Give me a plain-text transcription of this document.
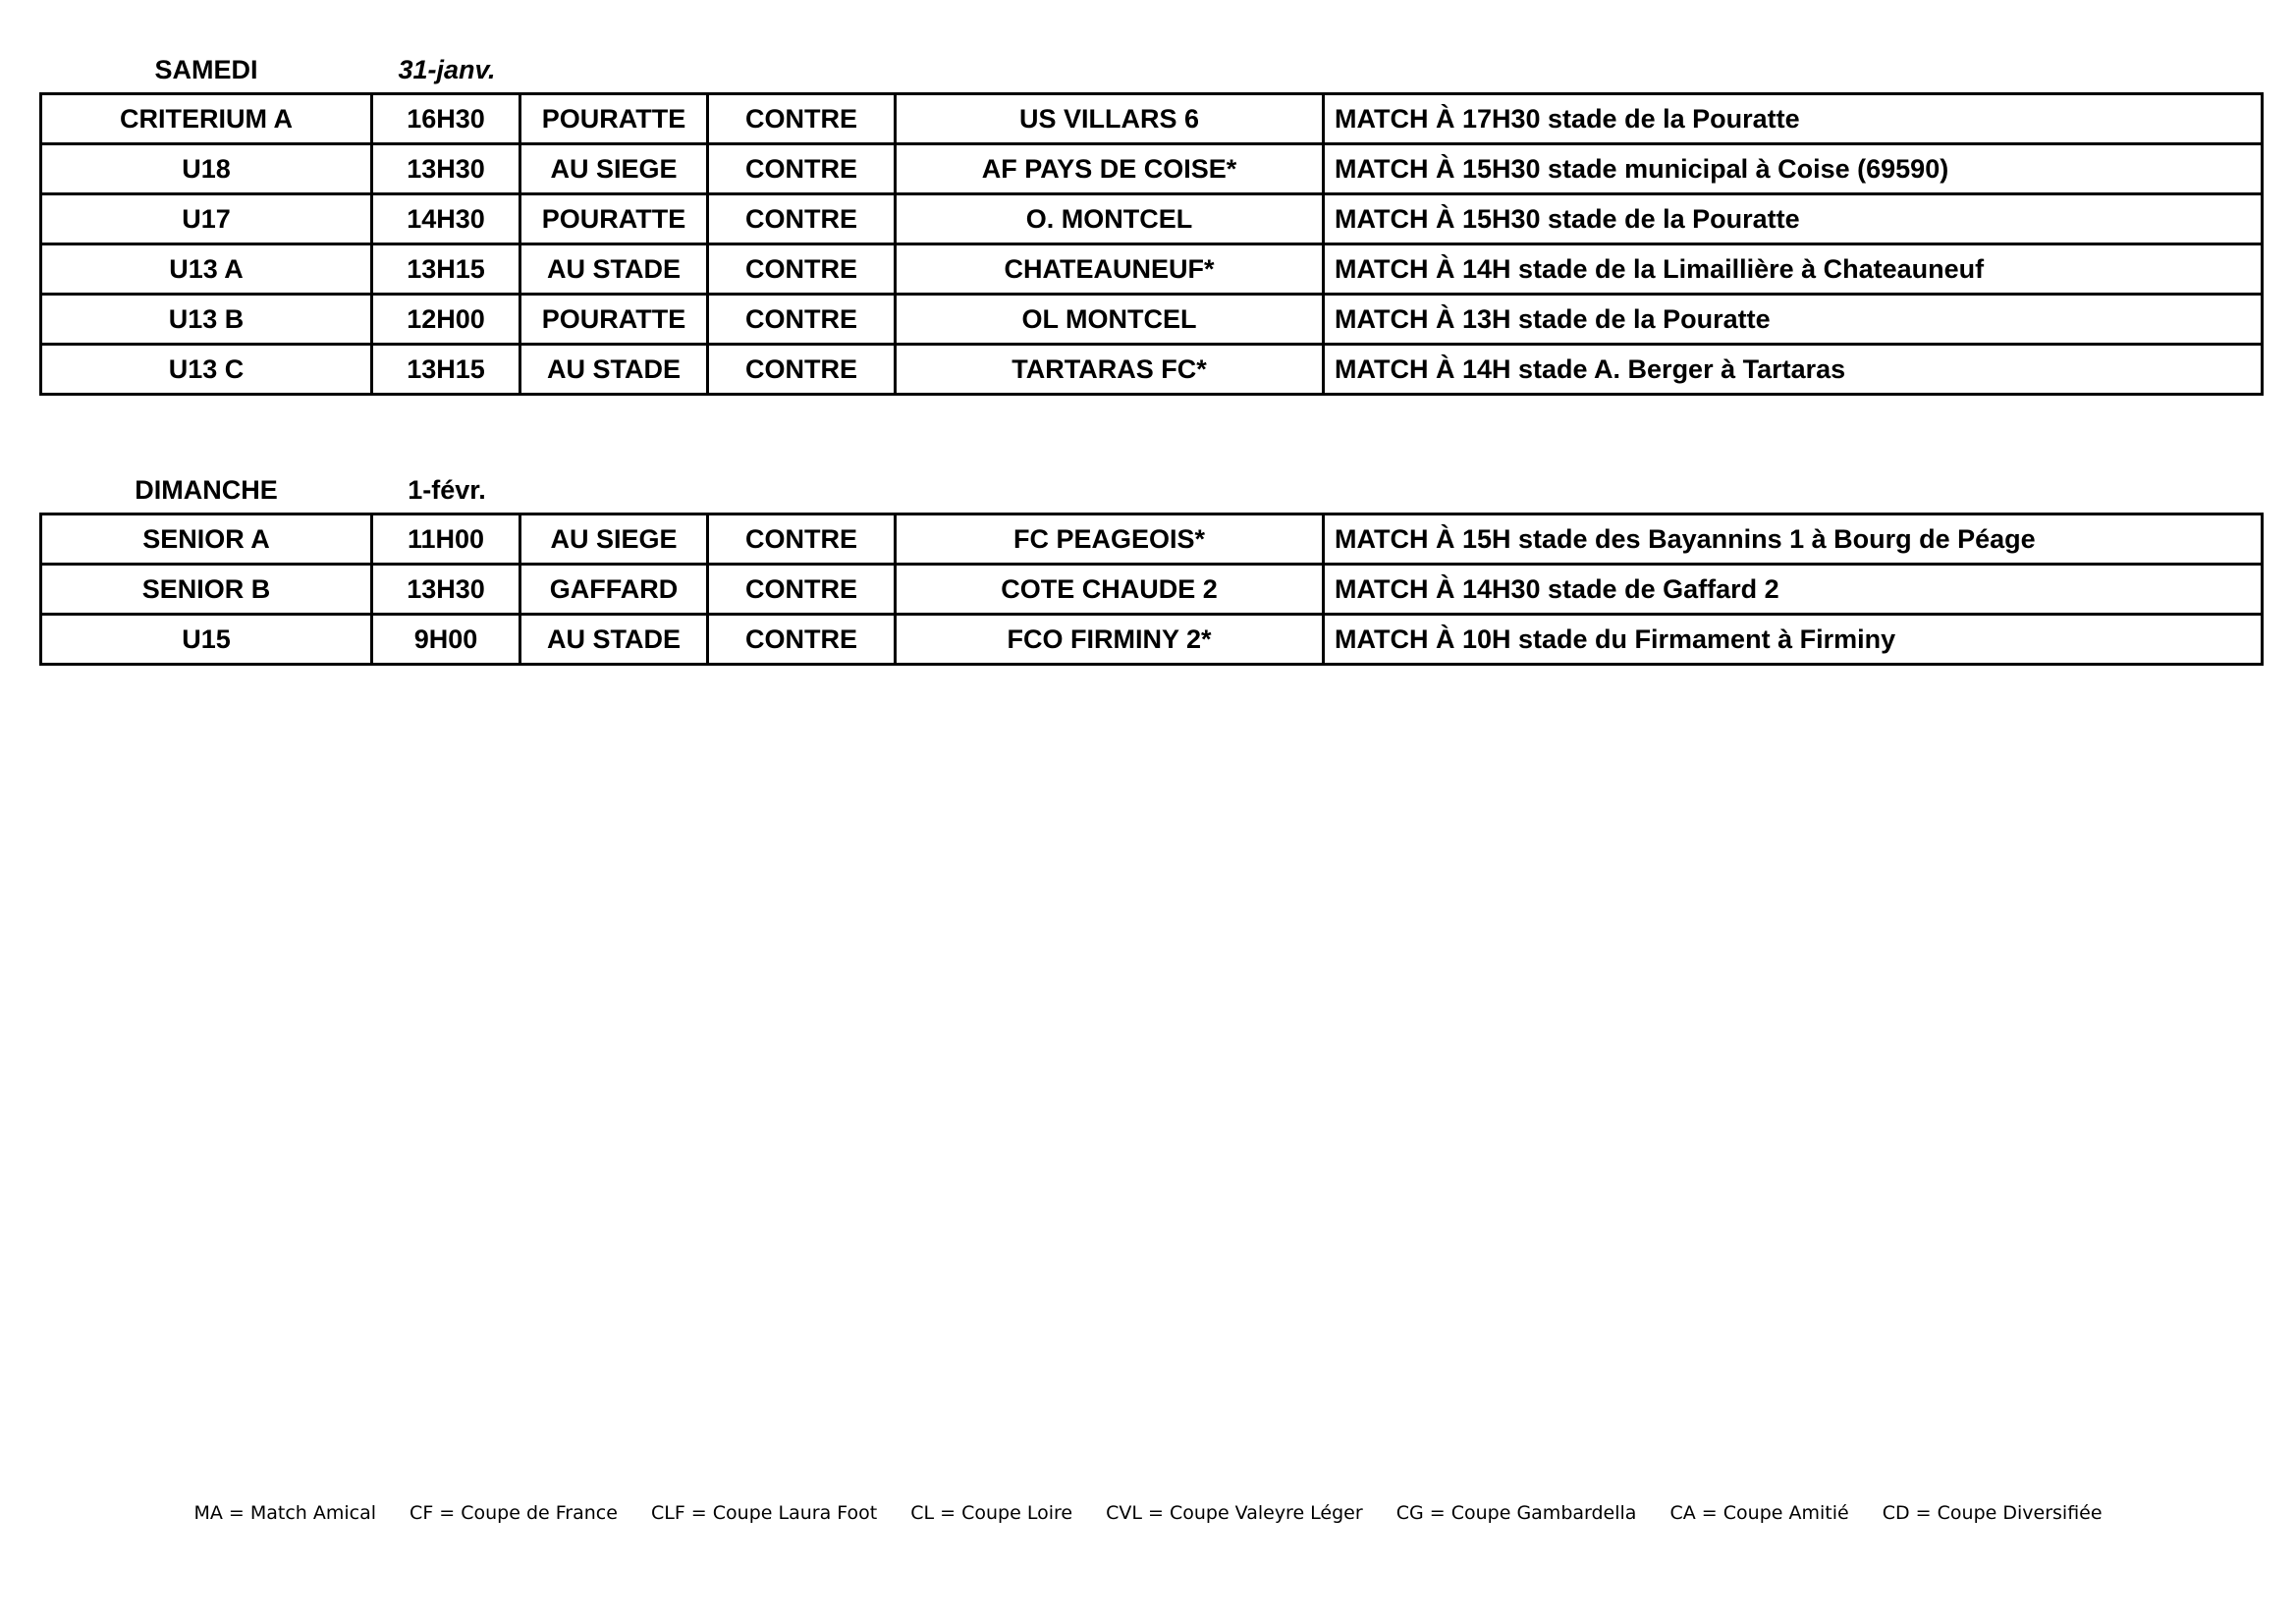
SAMEDI	31-janv.
CRITERIUM A	16H30	POURATTE	CONTRE	US VILLARS 6	MATCH À 17H30 stade de la Pouratte
U18	13H30	AU SIEGE	CONTRE	AF PAYS DE COISE*	MATCH À 15H30 stade municipal à Coise (69590)
U17	14H30	POURATTE	CONTRE	O. MONTCEL	MATCH À 15H30 stade de la Pouratte
U13 A	13H15	AU STADE	CONTRE	CHATEAUNEUF*	MATCH À 14H stade de la Limaillière à Chateauneuf
U13 B	12H00	POURATTE	CONTRE	OL MONTCEL	MATCH À 13H stade de la Pouratte
U13 C	13H15	AU STADE	CONTRE	TARTARAS FC*	MATCH À 14H stade A. Berger à Tartaras
DIMANCHE	1-févr.
SENIOR A	11H00	AU SIEGE	CONTRE	FC PEAGEOIS*	MATCH À 15H stade des Bayannins 1 à Bourg de Péage
SENIOR B	13H30	GAFFARD	CONTRE	COTE CHAUDE 2	MATCH À 14H30 stade de Gaffard 2
U15	9H00	AU STADE	CONTRE	FCO FIRMINY 2*	MATCH À 10H stade du Firmament à Firminy
MA = Match Amical CF = Coupe de France CLF = Coupe Laura Foot CL = Coupe Loire CVL = Coupe Valeyre Léger CG = Coupe Gambardella CA = Coupe Amitié CD = Coupe Diversifiée
